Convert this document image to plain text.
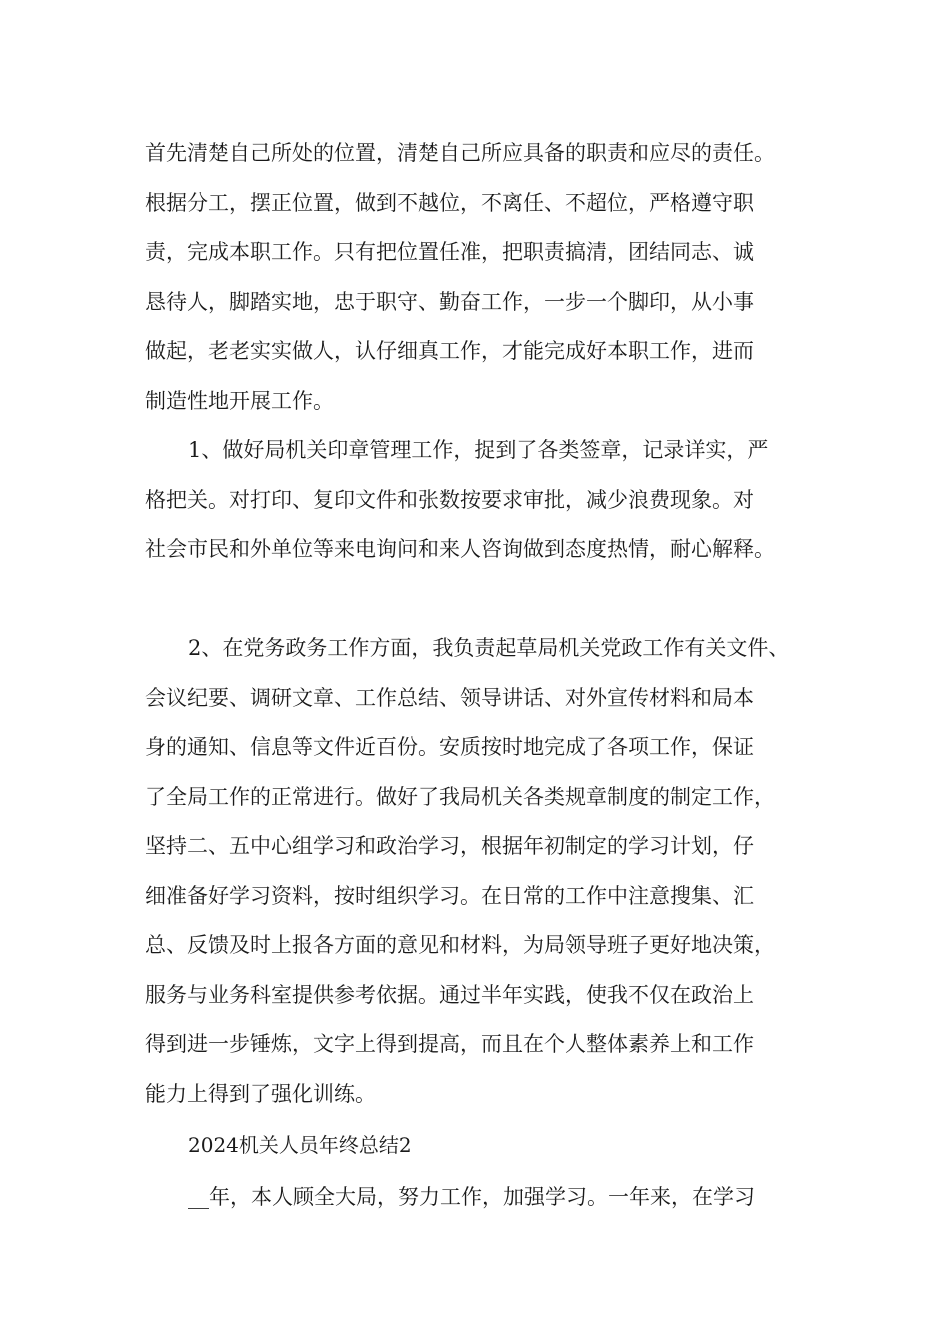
首先清楚自己所处的位置，清楚自己所应具备的职责和应尽的责任。

根据分工，摆正位置，做到不越位，不离任、不超位，严格遵守职

责，完成本职工作。只有把位置任准，把职责搞清，团结同志、诚

恳待人，脚踏实地，忠于职守、勤奋工作，一步一个脚印，从小事

做起，老老实实做人，认仔细真工作，才能完成好本职工作，进而

制造性地开展工作。

1、做好局机关印章管理工作，捉到了各类签章，记录详实，严

格把关。对打印、复印文件和张数按要求审批，减少浪费现象。对

社会市民和外单位等来电询问和来人咨询做到态度热情，耐心解释。

2、在党务政务工作方面，我负责起草局机关党政工作有关文件、

会议纪要、调研文章、工作总结、领导讲话、对外宣传材料和局本

身的通知、信息等文件近百份。安质按时地完成了各项工作，保证

了全局工作的正常进行。做好了我局机关各类规章制度的制定工作，

坚持二、五中心组学习和政治学习，根据年初制定的学习计划，仔

细准备好学习资料，按时组织学习。在日常的工作中注意搜集、汇

总、反馈及时上报各方面的意见和材料，为局领导班子更好地决策，

服务与业务科室提供参考依据。通过半年实践，使我不仅在政治上

得到进一步锤炼，文字上得到提高，而且在个人整体素养上和工作

能力上得到了强化训练。

2024机关人员年终总结2

__年，本人顾全大局，努力工作，加强学习。一年来，在学习
